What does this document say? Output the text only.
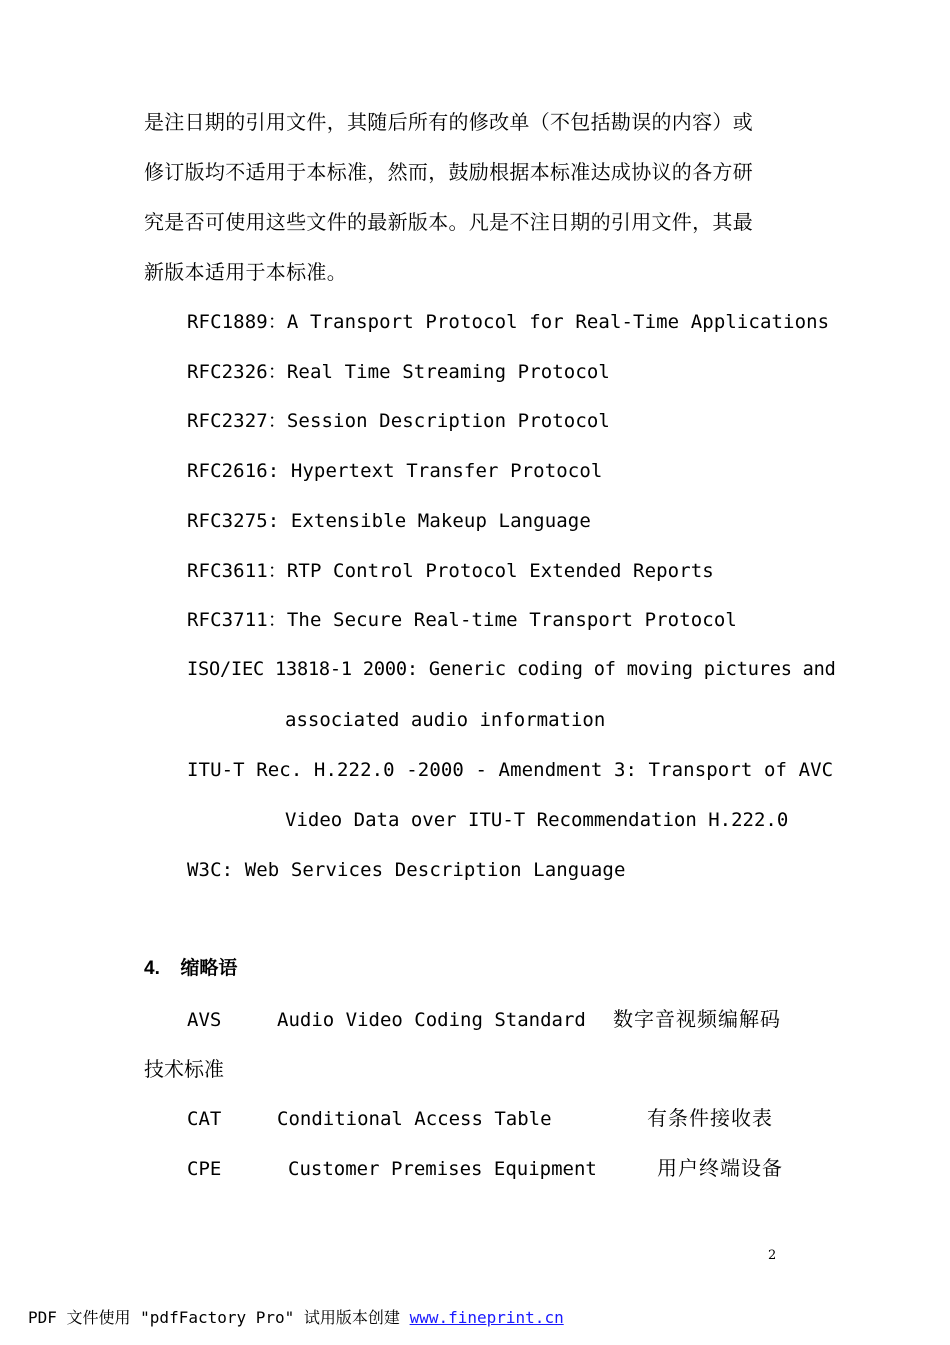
是注日期的引用文件，其随后所有的修改单（不包括勘误的内容）或
修订版均不适用于本标准，然而，鼓励根据本标准达成协议的各方研
究是否可使用这些文件的最新版本。凡是不注日期的引用文件，其最
新版本适用于本标准。
RFC1889：A Transport Protocol for Real-Time Applications
RFC2326：Real Time Streaming Protocol
RFC2327：Session Description Protocol
RFC2616: Hypertext Transfer Protocol
RFC3275: Extensible Makeup Language
RFC3611：RTP Control Protocol Extended Reports
RFC3711：The Secure Real-time Transport Protocol
ISO/IEC 13818-1 2000: Generic coding of moving pictures and
associated audio information
ITU-T Rec. H.222.0 -2000 - Amendment 3: Transport of AVC
Video Data over ITU-T Recommendation H.222.0
W3C: Web Services Description Language
4. 缩略语
AVS	Audio Video Coding Standard 数字音视频编解码
技术标准
CAT	Conditional Access Table	有条件接收表
CPE	Customer Premises Equipment	用户终端设备
2
PDF 文件使用 "pdfFactory Pro" 试用版本创建 www.fineprint.cn
